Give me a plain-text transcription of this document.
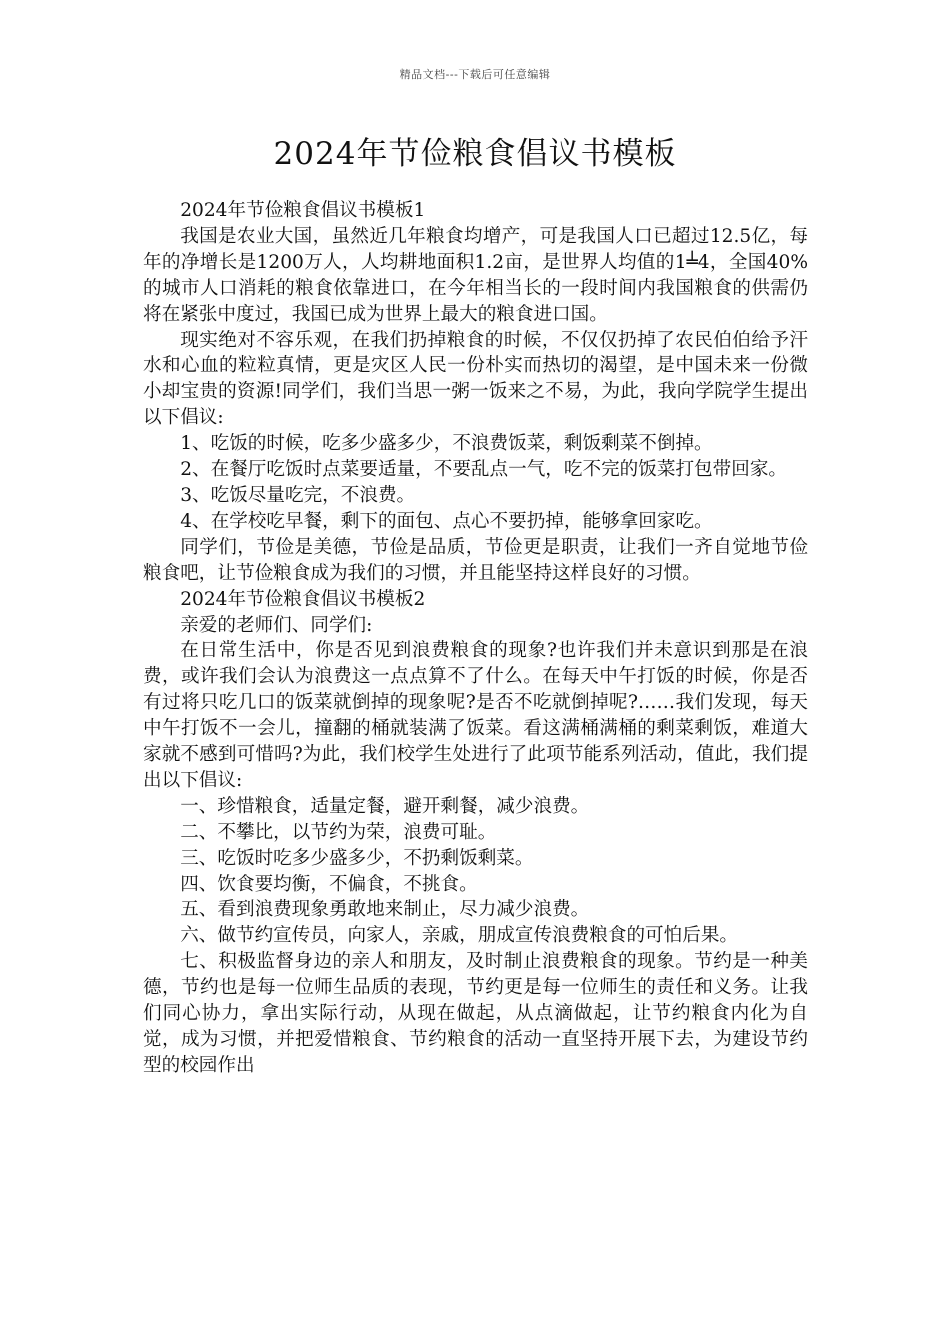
精品文档---下载后可任意编辑
2024年节俭粮食倡议书模板

2024年节俭粮食倡议书模板1

我国是农业大国，虽然近几年粮食均增产，可是我国人口已超过12.5亿，每年的净增长是1200万人，人均耕地面积1.2亩，是世界人均值的1╧4，全国40%的城市人口消耗的粮食依靠进口，在今年相当长的一段时间内我国粮食的供需仍将在紧张中度过，我国已成为世界上最大的粮食进口国。

现实绝对不容乐观，在我们扔掉粮食的时候，不仅仅扔掉了农民伯伯给予汗水和心血的粒粒真情，更是灾区人民一份朴实而热切的渴望，是中国未来一份微小却宝贵的资源!同学们，我们当思一粥一饭来之不易，为此，我向学院学生提出以下倡议:

1、吃饭的时候，吃多少盛多少，不浪费饭菜，剩饭剩菜不倒掉。

2、在餐厅吃饭时点菜要适量，不要乱点一气，吃不完的饭菜打包带回家。

3、吃饭尽量吃完，不浪费。

4、在学校吃早餐，剩下的面包、点心不要扔掉，能够拿回家吃。

同学们，节俭是美德，节俭是品质，节俭更是职责，让我们一齐自觉地节俭粮食吧，让节俭粮食成为我们的习惯，并且能坚持这样良好的习惯。

2024年节俭粮食倡议书模板2

亲爱的老师们、同学们:

在日常生活中，你是否见到浪费粮食的现象?也许我们并未意识到那是在浪费，或许我们会认为浪费这一点点算不了什么。在每天中午打饭的时候，你是否有过将只吃几口的饭菜就倒掉的现象呢?是否不吃就倒掉呢?……我们发现，每天中午打饭不一会儿，撞翻的桶就装满了饭菜。看这满桶满桶的剩菜剩饭，难道大家就不感到可惜吗?为此，我们校学生处进行了此项节能系列活动，值此，我们提出以下倡议:

一、珍惜粮食，适量定餐，避开剩餐，减少浪费。

二、不攀比，以节约为荣，浪费可耻。

三、吃饭时吃多少盛多少，不扔剩饭剩菜。

四、饮食要均衡，不偏食，不挑食。

五、看到浪费现象勇敢地来制止，尽力减少浪费。

六、做节约宣传员，向家人，亲戚，朋成宣传浪费粮食的可怕后果。

七、积极监督身边的亲人和朋友，及时制止浪费粮食的现象。节约是一种美德，节约也是每一位师生品质的表现，节约更是每一位师生的责任和义务。让我们同心协力，拿出实际行动，从现在做起，从点滴做起，让节约粮食内化为自觉，成为习惯，并把爱惜粮食、节约粮食的活动一直坚持开展下去，为建设节约型的校园作出
